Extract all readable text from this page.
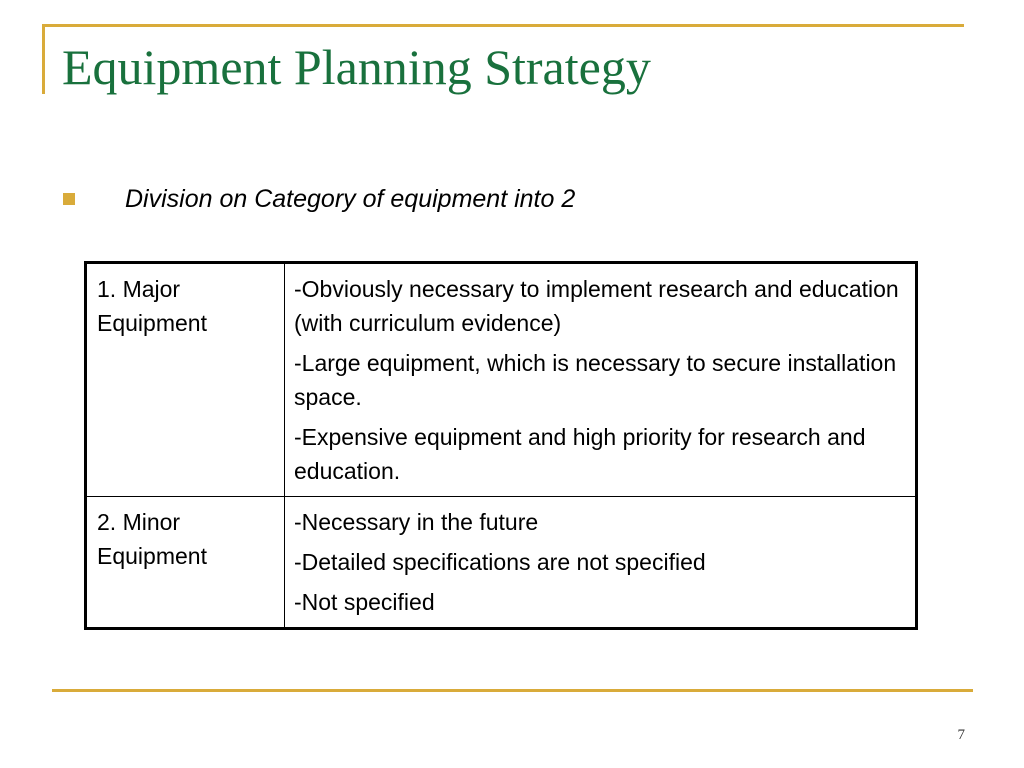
Equipment Planning Strategy
Division on Category of equipment into 2
1. Major
Equipment	-Obviously necessary to implement research and education (with curriculum evidence)
-Large equipment, which is necessary to secure installation space.
-Expensive equipment and high priority for research and education.

2. Minor
Equipment	-Necessary in the future
-Detailed specifications are not specified
-Not specified
7
